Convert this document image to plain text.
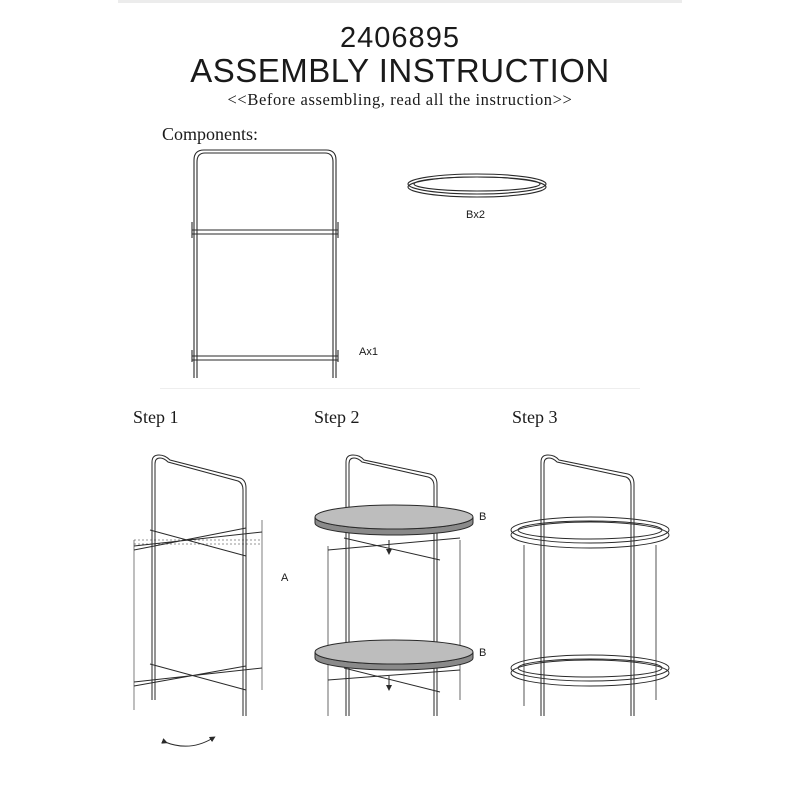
2406895
ASSEMBLY INSTRUCTION
<<Before assembling, read all the instruction>>
Components:
Ax1
Bx2
Step 1	Step 2	Step 3
A
B
B
